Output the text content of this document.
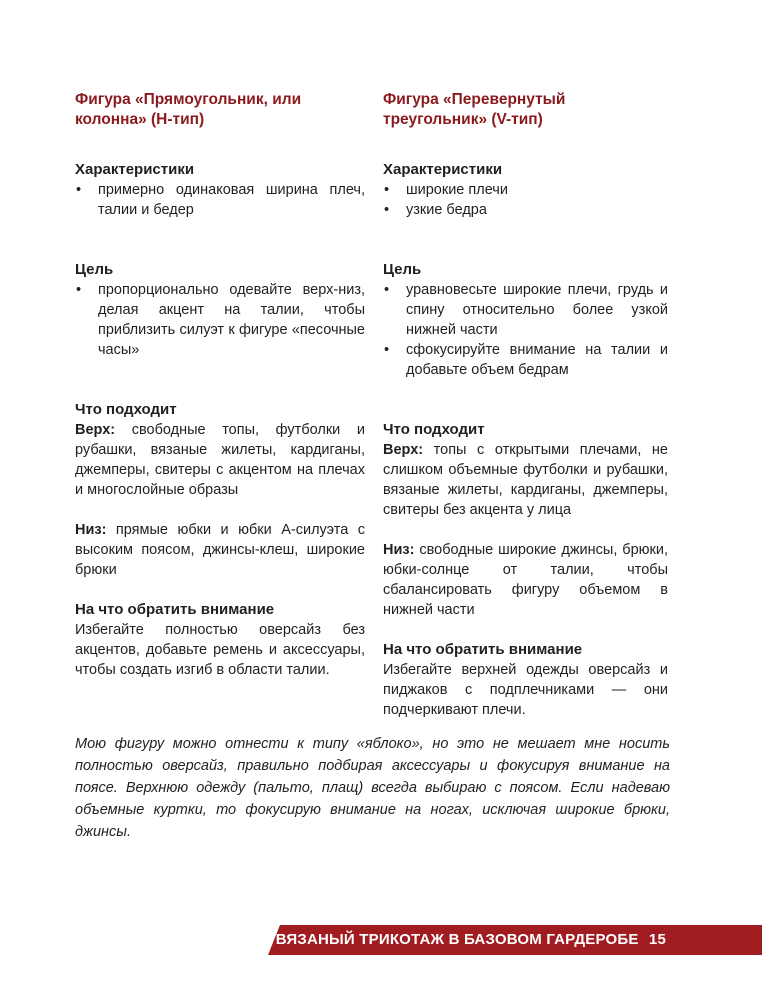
Фигура «Прямоугольник, или колонна» (Н-тип)
Характеристики
• примерно одинаковая ширина плеч, талии и бедер
Цель
• пропорционально одевайте верх-низ, делая акцент на талии, чтобы приблизить силуэт к фигуре «песочные часы»
Что подходит

Верх: свободные топы, футболки и рубашки, вязаные жилеты, кардиганы, джемперы, свитеры с акцентом на плечах и многослойные образы

Низ: прямые юбки и юбки А-силуэта с высоким поясом, джинсы-клеш, широкие брюки

На что обратить внимание

Избегайте полностью оверсайз без акцентов, добавьте ремень и аксессуары, чтобы создать изгиб в области талии.

Фигура «Перевернутый треугольник» (V-тип)
Характеристики
• широкие плечи
• узкие бедра
Цель
• уравновесьте широкие плечи, грудь и спину относительно более узкой нижней части
• сфокусируйте внимание на талии и добавьте объем бедрам
Что подходит

Верх: топы с открытыми плечами, не слишком объемные футболки и рубашки, вязаные жилеты, кардиганы, джемперы, свитеры без акцента у лица

Низ: свободные широкие джинсы, брюки, юбки-солнце от талии, чтобы сбалансировать фигуру объемом в нижней части

На что обратить внимание

Избегайте верхней одежды оверсайз и пиджаков с подплечниками — они подчеркивают плечи.

Мою фигуру можно отнести к типу «яблоко», но это не мешает мне носить полностью оверсайз, правильно подбирая аксессуары и фокусируя внимание на поясе. Верхнюю одежду (пальто, плащ) всегда выбираю с поясом. Если надеваю объемные куртки, то фокусирую внимание на ногах, исключая широкие брюки, джинсы.

ВЯЗАНЫЙ ТРИКОТАЖ В БАЗОВОМ ГАРДЕРОБЕ 15
